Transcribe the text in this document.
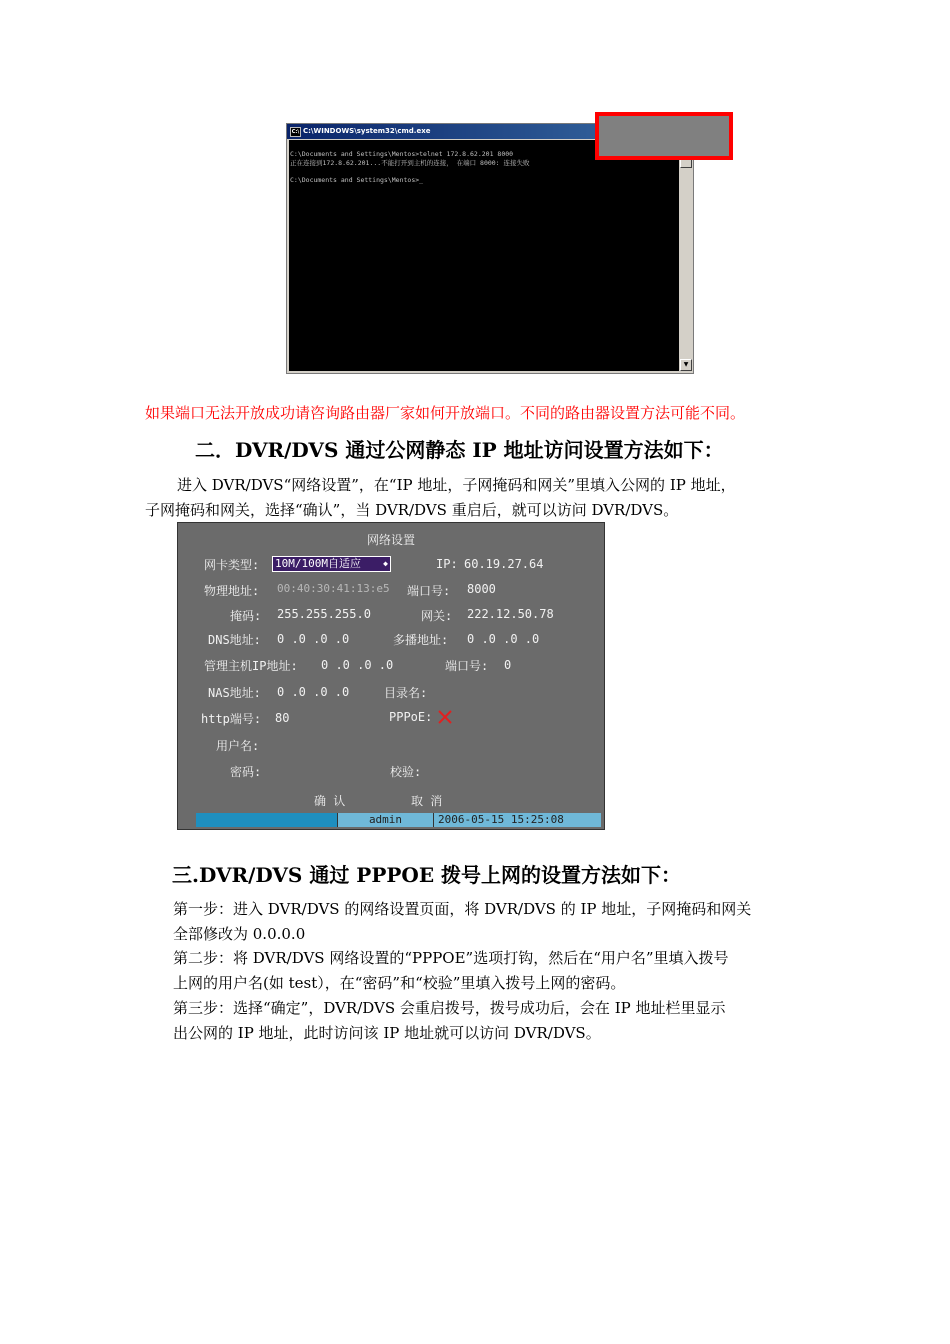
C:\ C:\WINDOWS\system32\cmd.exe
C:\Documents and Settings\Mentos>telnet 172.8.62.201 8000
正在连接到172.8.62.201...不能打开到主机的连接， 在端口 8000: 连接失败
C:\Documents and Settings\Mentos>_
▼
如果端口无法开放成功请咨询路由器厂家如何开放端口。不同的路由器设置方法可能不同。
二．DVR/DVS 通过公网静态 IP 地址访问设置方法如下：
进入 DVR/DVS“网络设置”，在“IP 地址，子网掩码和网关”里填入公网的 IP 地址，
子网掩码和网关，选择“确认”，当 DVR/DVS 重启后，就可以访问 DVR/DVS。
网络设置
网卡类型: 10M/100M自适应	◆	IP: 60.19.27.64
物理地址: 00:40:30:41:13:e5 端口号: 8000
掩码: 255.255.255.0	网关: 222.12.50.78
DNS地址: 0 .0 .0 .0	多播地址: 0 .0 .0 .0
管理主机IP地址: 0 .0 .0 .0	端口号: 0
NAS地址: 0 .0 .0 .0	目录名:
http端号: 80	PPPoE:
用户名:
密码:	校验:
确 认	取 消
admin	2006-05-15 15:25:08
三.DVR/DVS 通过 PPPOE 拨号上网的设置方法如下：
第一步：进入 DVR/DVS 的网络设置页面，将 DVR/DVS 的 IP 地址，子网掩码和网关
全部修改为 0.0.0.0
第二步：将 DVR/DVS 网络设置的“PPPOE”选项打钩，然后在“用户名”里填入拨号
上网的用户名(如 test），在“密码”和“校验”里填入拨号上网的密码。
第三步：选择“确定”，DVR/DVS 会重启拨号，拨号成功后，会在 IP 地址栏里显示
出公网的 IP 地址，此时访问该 IP 地址就可以访问 DVR/DVS。
